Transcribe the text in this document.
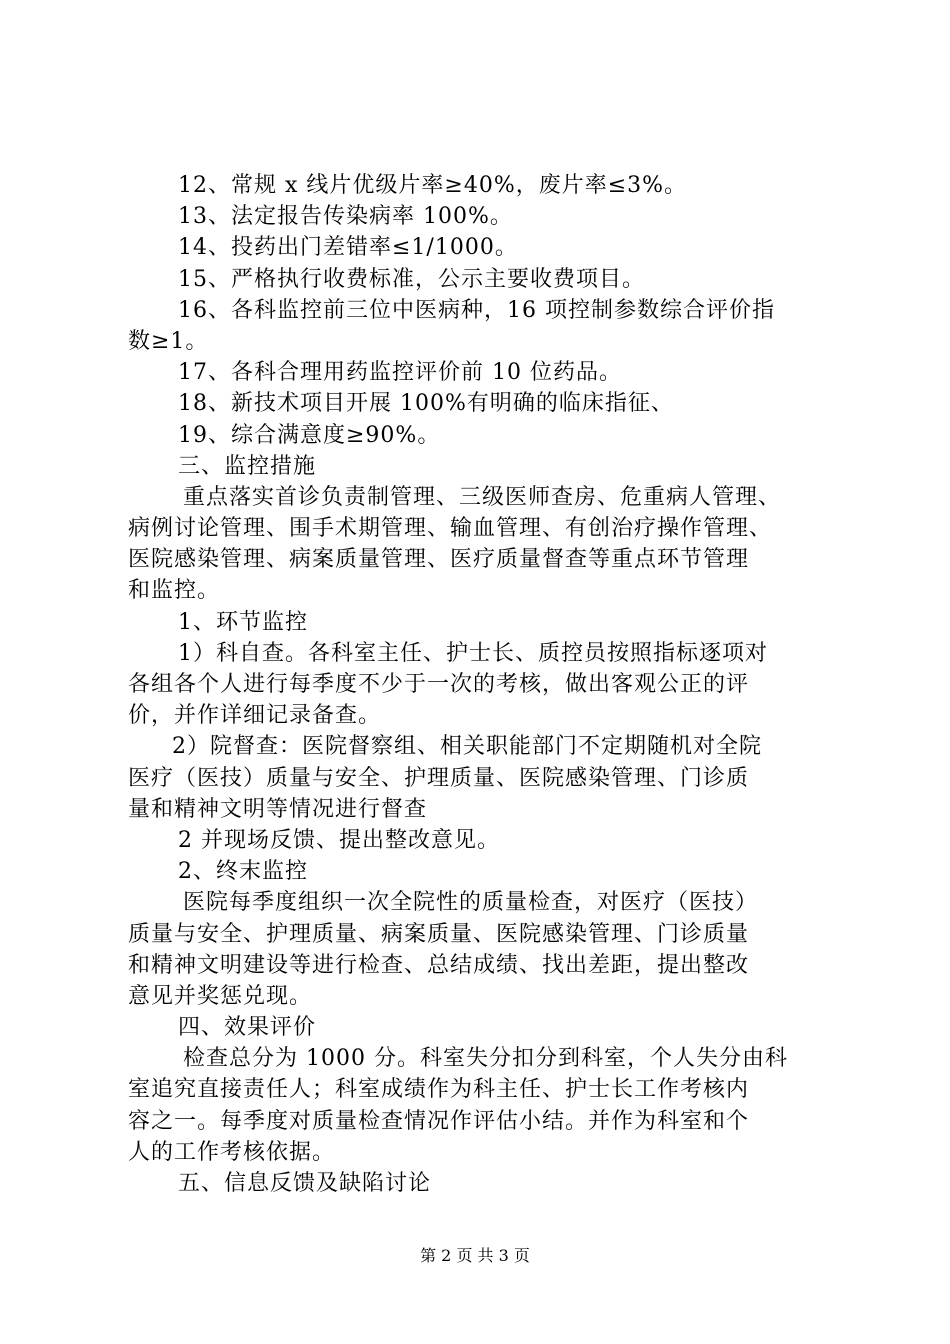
12、常规 x 线片优级片率≥40%，废片率≤3%。
13、法定报告传染病率 100%。
14、投药出门差错率≤1/1000。
15、严格执行收费标准，公示主要收费项目。
16、各科监控前三位中医病种，16 项控制参数综合评价指
数≥1。
17、各科合理用药监控评价前 10 位药品。
18、新技术项目开展 100%有明确的临床指征、
19、综合满意度≥90%。
三、监控措施
重点落实首诊负责制管理、三级医师查房、危重病人管理、
病例讨论管理、围手术期管理、输血管理、有创治疗操作管理、
医院感染管理、病案质量管理、医疗质量督查等重点环节管理
和监控。
1、环节监控
1）科自查。各科室主任、护士长、质控员按照指标逐项对
各组各个人进行每季度不少于一次的考核，做出客观公正的评
价，并作详细记录备查。
2）院督查：医院督察组、相关职能部门不定期随机对全院
医疗（医技）质量与安全、护理质量、医院感染管理、门诊质
量和精神文明等情况进行督查
2 并现场反馈、提出整改意见。
2、终末监控
医院每季度组织一次全院性的质量检查，对医疗（医技）
质量与安全、护理质量、病案质量、医院感染管理、门诊质量
和精神文明建设等进行检查、总结成绩、找出差距，提出整改
意见并奖惩兑现。
四、效果评价
检查总分为 1000 分。科室失分扣分到科室，个人失分由科
室追究直接责任人；科室成绩作为科主任、护士长工作考核内
容之一。每季度对质量检查情况作评估小结。并作为科室和个
人的工作考核依据。
五、信息反馈及缺陷讨论
第 2 页 共 3 页
